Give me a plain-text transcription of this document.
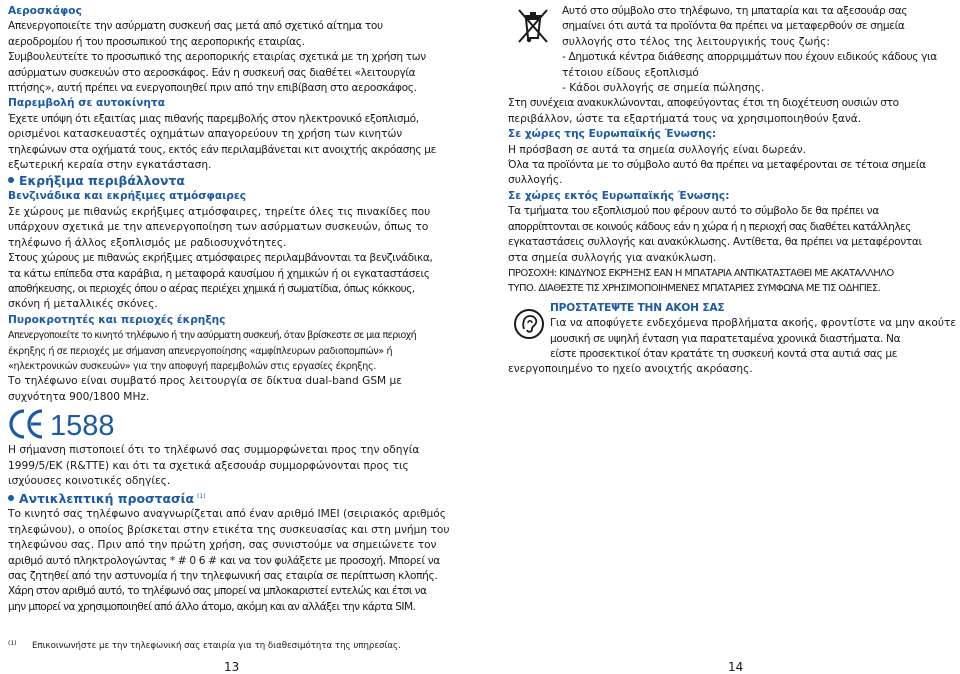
Αεροσκάφος
Απενεργοποιείτε την ασύρματη συσκευή σας μετά από σχετικό αίτημα του
αεροδρομίου ή του προσωπικού της αεροπορικής εταιρίας.
Συμβουλευτείτε το προσωπικό της αεροπορικής εταιρίας σχετικά με τη χρήση των
ασύρματων συσκευών στο αεροσκάφος. Εάν η συσκευή σας διαθέτει «λειτουργία
πτήσης», αυτή πρέπει να ενεργοποιηθεί πριν από την επιβίβαση στο αεροσκάφος.
Παρεμβολή σε αυτοκίνητα
Έχετε υπόψη ότι εξαιτίας μιας πιθανής παρεμβολής στον ηλεκτρονικό εξοπλισμό,
ορισμένοι κατασκευαστές οχημάτων απαγορεύουν τη χρήση των κινητών
τηλεφώνων στα οχήματά τους, εκτός εάν περιλαμβάνεται κιτ ανοιχτής ακρόασης με
εξωτερική κεραία στην εγκατάσταση.
Εκρήξιμα περιβάλλοντα
Βενζινάδικα και εκρήξιμες ατμόσφαιρες
Σε χώρους με πιθανώς εκρήξιμες ατμόσφαιρες, τηρείτε όλες τις πινακίδες που
υπάρχουν σχετικά με την απενεργοποίηση των ασύρματων συσκευών, όπως το
τηλέφωνο ή άλλος εξοπλισμός με ραδιοσυχνότητες.
Στους χώρους με πιθανώς εκρήξιμες ατμόσφαιρες περιλαμβάνονται τα βενζινάδικα,
τα κάτω επίπεδα στα καράβια, η μεταφορά καυσίμου ή χημικών ή οι εγκαταστάσεις
αποθήκευσης, οι περιοχές όπου ο αέρας περιέχει χημικά ή σωματίδια, όπως κόκκους,
σκόνη ή μεταλλικές σκόνες.
Πυροκροτητές και περιοχές έκρηξης
Απενεργοποιείτε το κινητό τηλέφωνο ή την ασύρματη συσκευή, όταν βρίσκεστε σε μια περιοχή
έκρηξης ή σε περιοχές με σήμανση απενεργοποίησης «αμφίπλευρων ραδιοπομπών» ή
«ηλεκτρονικών συσκευών» για την αποφυγή παρεμβολών στις εργασίες έκρηξης.
Το τηλέφωνο είναι συμβατό προς λειτουργία σε δίκτυα dual-band GSM με
συχνότητα 900/1800 MHz.
1588
Η σήμανση πιστοποιεί ότι το τηλέφωνό σας συμμορφώνεται προς την οδηγία
1999/5/ΕΚ (R&TTE) και ότι τα σχετικά αξεσουάρ συμμορφώνονται προς τις
ισχύουσες κοινοτικές οδηγίες.
Αντικλεπτική προστασία $^{(1)}$
Το κινητό σας τηλέφωνο αναγνωρίζεται από έναν αριθμό IMEI (σειριακός αριθμός
τηλεφώνου), ο οποίος βρίσκεται στην ετικέτα της συσκευασίας και στη μνήμη του
τηλεφώνου σας. Πριν από την πρώτη χρήση, σας συνιστούμε να σημειώνετε τον
αριθμό αυτό πληκτρολογώντας * # 0 6 # και να τον φυλάξετε με προσοχή. Μπορεί να
σας ζητηθεί από την αστυνομία ή την τηλεφωνική σας εταιρία σε περίπτωση κλοπής.
Χάρη στον αριθμό αυτό, το τηλέφωνό σας μπορεί να μπλοκαριστεί εντελώς και έτσι να
μην μπορεί να χρησιμοποιηθεί από άλλο άτομο, ακόμη και αν αλλάξει την κάρτα SIM.
Αυτό στο σύμβολο στο τηλέφωνο, τη μπαταρία και τα αξεσουάρ σας
σημαίνει ότι αυτά τα προϊόντα θα πρέπει να μεταφερθούν σε σημεία
συλλογής στο τέλος της λειτουργικής τους ζωής:
- Δημοτικά κέντρα διάθεσης απορριμμάτων που έχουν ειδικούς κάδους για
τέτοιου είδους εξοπλισμό
- Κάδοι συλλογής σε σημεία πώλησης.
Στη συνέχεια ανακυκλώνονται, αποφεύγοντας έτσι τη διοχέτευση ουσιών στο
περιβάλλον, ώστε τα εξαρτήματά τους να χρησιμοποιηθούν ξανά.
Σε χώρες της Ευρωπαϊκής Ένωσης:
Η πρόσβαση σε αυτά τα σημεία συλλογής είναι δωρεάν.
Όλα τα προϊόντα με το σύμβολο αυτό θα πρέπει να μεταφέρονται σε τέτοια σημεία
συλλογής.
Σε χώρες εκτός Ευρωπαϊκής Ένωσης:
Τα τμήματα του εξοπλισμού που φέρουν αυτό το σύμβολο δε θα πρέπει να
απορρίπτονται σε κοινούς κάδους εάν η χώρα ή η περιοχή σας διαθέτει κατάλληλες
εγκαταστάσεις συλλογής και ανακύκλωσης. Αντίθετα, θα πρέπει να μεταφέρονται
στα σημεία συλλογής για ανακύκλωση.
ΠΡΟΣΟΧΗ: ΚΙΝΔΥΝΟΣ ΕΚΡΗΞΗΣ ΕΑΝ Η ΜΠΑΤΑΡΙΑ ΑΝΤΙΚΑΤΑΣΤΑΘΕΙ ΜΕ ΑΚΑΤΑΛΛΗΛΟ
ΤΥΠΟ. ΔΙΑΘΕΣΤΕ ΤΙΣ ΧΡΗΣΙΜΟΠΟΙΗΜΕΝΕΣ ΜΠΑΤΑΡΙΕΣ ΣΥΜΦΩΝΑ ΜΕ ΤΙΣ ΟΔΗΓΙΕΣ.
ΠΡΟΣΤΑΤΕΨΤΕ ΤΗΝ ΑΚΟΗ ΣΑΣ
Για να αποφύγετε ενδεχόμενα προβλήματα ακοής, φροντίστε να μην ακούτε
μουσική σε υψηλή ένταση για παρατεταμένα χρονικά διαστήματα. Να
είστε προσεκτικοί όταν κρατάτε τη συσκευή κοντά στα αυτιά σας με
ενεργοποιημένο το ηχείο ανοιχτής ακρόασης.
(1) Επικοινωνήστε με την τηλεφωνική σας εταιρία για τη διαθεσιμότητα της υπηρεσίας.
13	14
